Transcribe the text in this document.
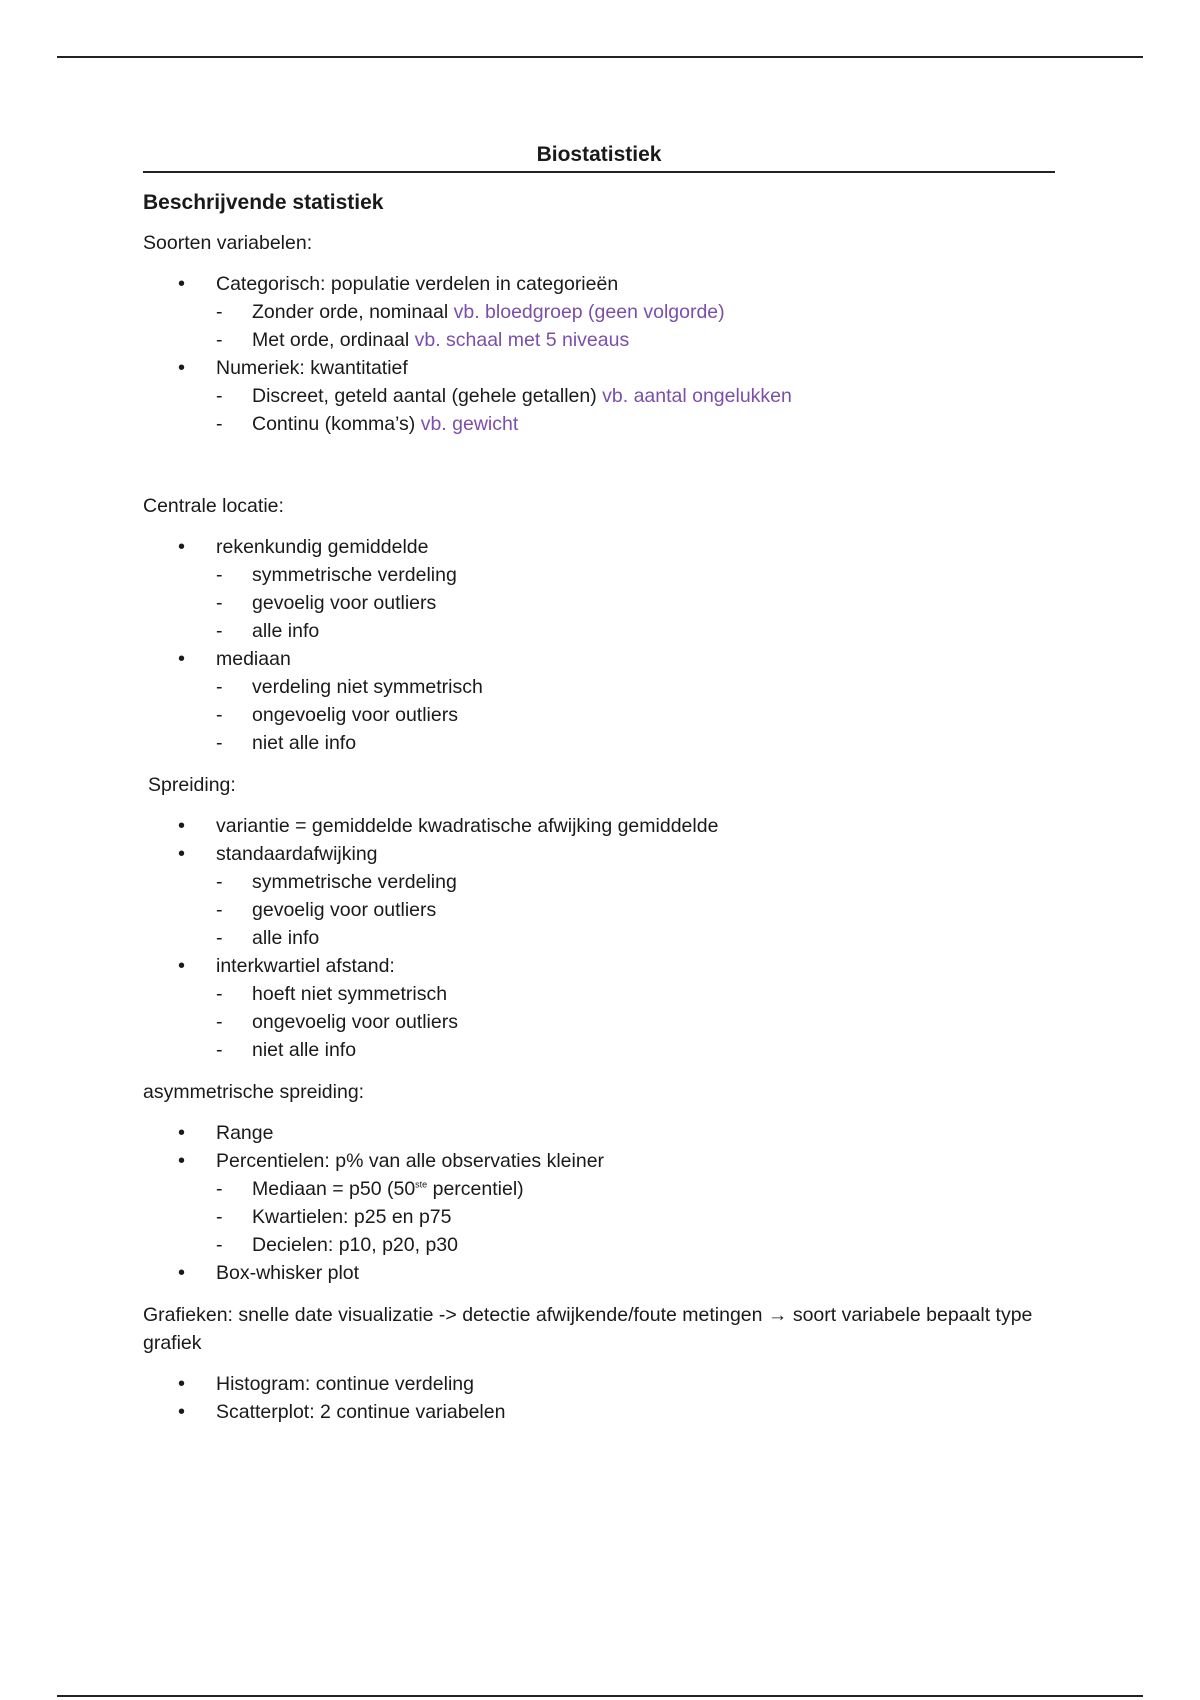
Biostatistiek
Beschrijvende statistiek
Soorten variabelen:
• Categorisch: populatie verdelen in categorieën
- Zonder orde, nominaal vb. bloedgroep (geen volgorde)
- Met orde, ordinaal vb. schaal met 5 niveaus
• Numeriek: kwantitatief
- Discreet, geteld aantal (gehele getallen) vb. aantal ongelukken
- Continu (komma’s) vb. gewicht
Centrale locatie:
• rekenkundig gemiddelde
- symmetrische verdeling
- gevoelig voor outliers
- alle info
• mediaan
- verdeling niet symmetrisch
- ongevoelig voor outliers
- niet alle info
Spreiding:
• variantie = gemiddelde kwadratische afwijking gemiddelde
• standaardafwijking
- symmetrische verdeling
- gevoelig voor outliers
- alle info
• interkwartiel afstand:
- hoeft niet symmetrisch
- ongevoelig voor outliers
- niet alle info
asymmetrische spreiding:
• Range
• Percentielen: p% van alle observaties kleiner
- Mediaan = p50 (50ste percentiel)
- Kwartielen: p25 en p75
- Decielen: p10, p20, p30
• Box-whisker plot
Grafieken: snelle date visualizatie -> detectie afwijkende/foute metingen → soort variabele bepaalt type grafiek
• Histogram: continue verdeling
• Scatterplot: 2 continue variabelen
